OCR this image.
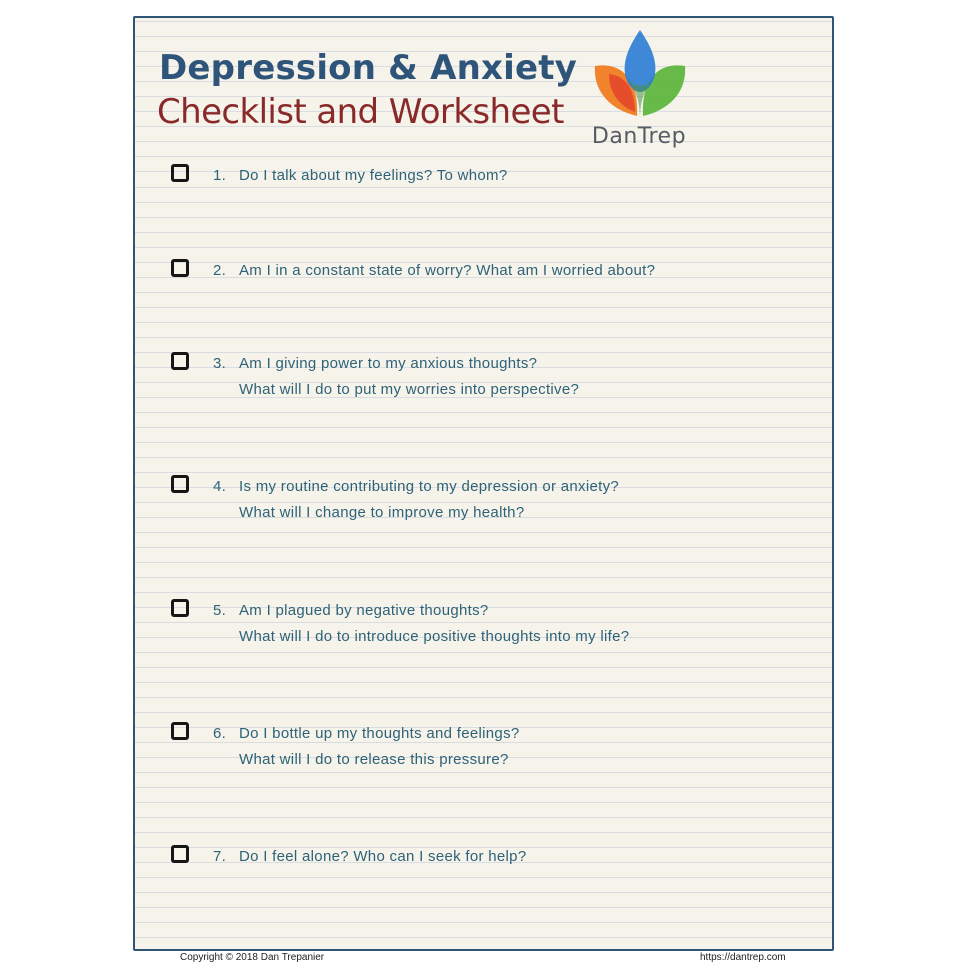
Depression & Anxiety
Checklist and Worksheet
DanTrep

1. Do I talk about my feelings? To whom?

2. Am I in a constant state of worry? What am I worried about?

3. Am I giving power to my anxious thoughts?
What will I do to put my worries into perspective?

4. Is my routine contributing to my depression or anxiety?
What will I change to improve my health?

5. Am I plagued by negative thoughts?
What will I do to introduce positive thoughts into my life?

6. Do I bottle up my thoughts and feelings?
What will I do to release this pressure?

7. Do I feel alone? Who can I seek for help?

Copyright © 2018 Dan Trepanier	https://dantrep.com
